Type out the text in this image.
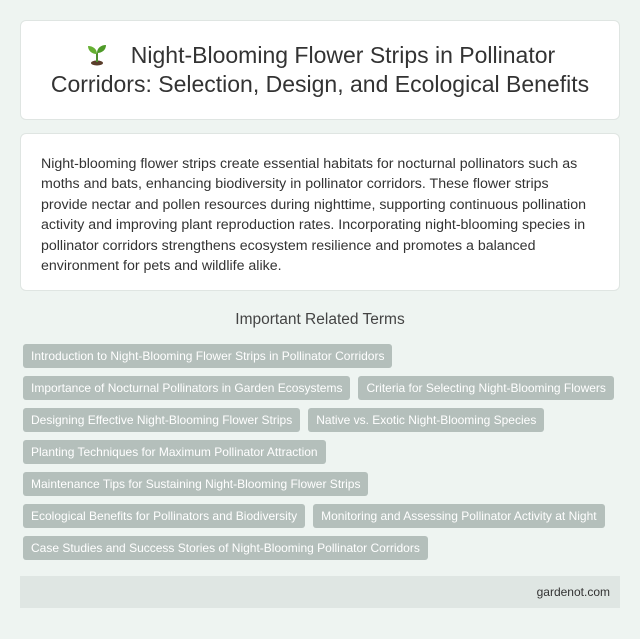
Night-Blooming Flower Strips in Pollinator Corridors: Selection, Design, and Ecological Benefits

Night-blooming flower strips create essential habitats for nocturnal pollinators such as moths and bats, enhancing biodiversity in pollinator corridors. These flower strips provide nectar and pollen resources during nighttime, supporting continuous pollination activity and improving plant reproduction rates. Incorporating night-blooming species in pollinator corridors strengthens ecosystem resilience and promotes a balanced environment for pets and wildlife alike.

Important Related Terms
Introduction to Night-Blooming Flower Strips in Pollinator Corridors
Importance of Nocturnal Pollinators in Garden Ecosystems	Criteria for Selecting Night-Blooming Flowers
Designing Effective Night-Blooming Flower Strips	Native vs. Exotic Night-Blooming Species
Planting Techniques for Maximum Pollinator Attraction
Maintenance Tips for Sustaining Night-Blooming Flower Strips
Ecological Benefits for Pollinators and Biodiversity	Monitoring and Assessing Pollinator Activity at Night
Case Studies and Success Stories of Night-Blooming Pollinator Corridors
gardenot.com
